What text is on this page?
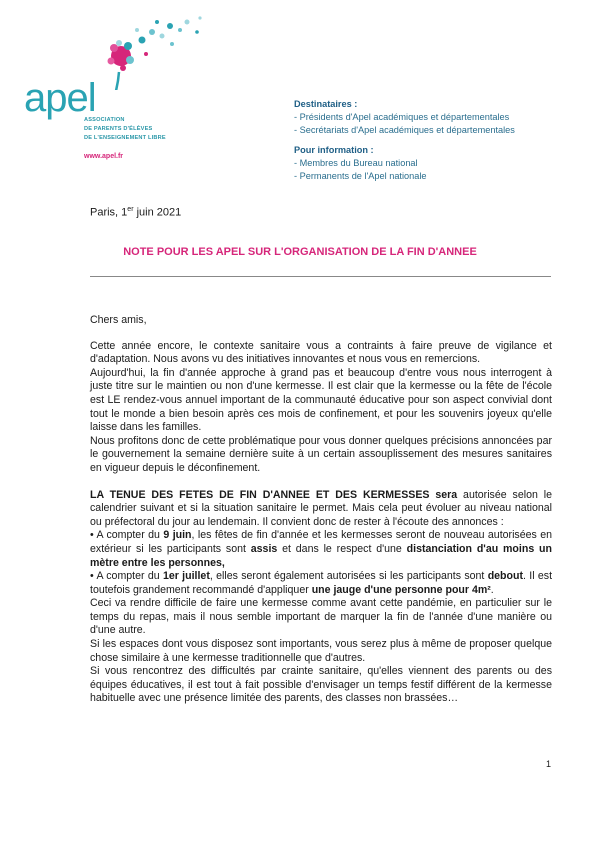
apel
ASSOCIATION
DE PARENTS D'ÉLÈVES
DE L'ENSEIGNEMENT LIBRE
www.apel.fr
Destinataires :
- Présidents d'Apel académiques et départementales
- Secrétariats d'Apel académiques et départementales
Pour information :
- Membres du Bureau national
- Permanents de l'Apel nationale
Paris, 1er juin 2021
NOTE POUR LES APEL SUR L'ORGANISATION DE LA FIN D'ANNEE

Chers amis,

Cette année encore, le contexte sanitaire vous a contraints à faire preuve de vigilance et d'adaptation. Nous avons vu des initiatives innovantes et nous vous en remercions.

Aujourd'hui, la fin d'année approche à grand pas et beaucoup d'entre vous nous interrogent à juste titre sur le maintien ou non d'une kermesse. Il est clair que la kermesse ou la fête de l'école est LE rendez-vous annuel important de la communauté éducative pour son aspect convivial dont tout le monde a bien besoin après ces mois de confinement, et pour les souvenirs joyeux qu'elle laisse dans les familles.

Nous profitons donc de cette problématique pour vous donner quelques précisions annoncées par le gouvernement la semaine dernière suite à un certain assouplissement des mesures sanitaires en vigueur depuis le déconfinement.

LA TENUE DES FETES DE FIN D'ANNEE ET DES KERMESSES sera autorisée selon le calendrier suivant et si la situation sanitaire le permet. Mais cela peut évoluer au niveau national ou préfectoral du jour au lendemain. Il convient donc de rester à l'écoute des annonces :

• A compter du 9 juin, les fêtes de fin d'année et les kermesses seront de nouveau autorisées en extérieur si les participants sont assis et dans le respect d'une distanciation d'au moins un mètre entre les personnes,

• A compter du 1er juillet, elles seront également autorisées si les participants sont debout. Il est toutefois grandement recommandé d'appliquer une jauge d'une personne pour 4m².

Ceci va rendre difficile de faire une kermesse comme avant cette pandémie, en particulier sur le temps du repas, mais il nous semble important de marquer la fin de l'année d'une manière ou d'une autre.

Si les espaces dont vous disposez sont importants, vous serez plus à même de proposer quelque chose similaire à une kermesse traditionnelle que d'autres.

Si vous rencontrez des difficultés par crainte sanitaire, qu'elles viennent des parents ou des équipes éducatives, il est tout à fait possible d'envisager un temps festif différent de la kermesse habituelle avec une présence limitée des parents, des classes non brassées…

1
